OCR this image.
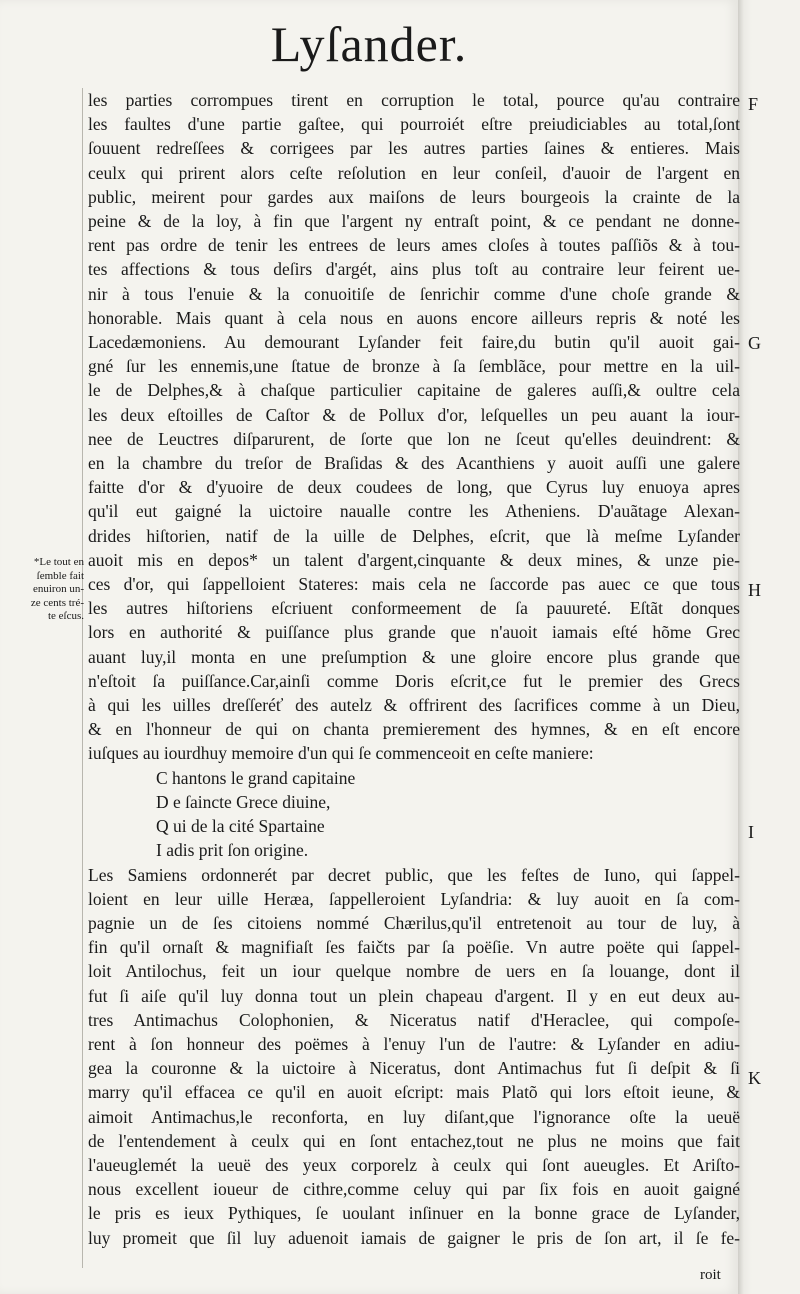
Lyſander.
*Le tout en
ſemble fait
enuiron un-
ze cents tré-
te eſcus.
les parties corrompues tirent en corruption le total, pource qu'au contraire
les faultes d'une partie gaſtee, qui pourroiét eſtre preiudiciables au total,ſont
ſouuent redreſſees & corrigees par les autres parties ſaines & entieres. Mais
ceulx qui prirent alors ceſte reſolution en leur conſeil, d'auoir de l'argent en
public, meirent pour gardes aux maiſons de leurs bourgeois la crainte de la
peine & de la loy, à fin que l'argent ny entraſt point, & ce pendant ne donne-
rent pas ordre de tenir les entrees de leurs ames cloſes à toutes paſſiõs & à tou-
tes affections & tous deſirs d'argét, ains plus toſt au contraire leur feirent ue-
nir à tous l'enuie & la conuoitiſe de ſenrichir comme d'une choſe grande &
honorable. Mais quant à cela nous en auons encore ailleurs repris & noté les
Lacedæmoniens. Au demourant Lyſander feit faire,du butin qu'il auoit gai-
gné ſur les ennemis,une ſtatue de bronze à ſa ſemblãce, pour mettre en la uil-
le de Delphes,& à chaſque particulier capitaine de galeres auſſi,& oultre cela
les deux eſtoilles de Caſtor & de Pollux d'or, leſquelles un peu auant la iour-
nee de Leuctres diſparurent, de ſorte que lon ne ſceut qu'elles deuindrent: &
en la chambre du treſor de Braſidas & des Acanthiens y auoit auſſi une galere
faitte d'or & d'yuoire de deux coudees de long, que Cyrus luy enuoya apres
qu'il eut gaigné la uictoire naualle contre les Atheniens. D'auãtage Alexan-
drides hiſtorien, natif de la uille de Delphes, eſcrit, que là meſme Lyſander
auoit mis en depos* un talent d'argent,cinquante & deux mines, & unze pie-
ces d'or, qui ſappelloient Stateres: mais cela ne ſaccorde pas auec ce que tous
les autres hiſtoriens eſcriuent conformeement de ſa pauureté. Eſtãt donques
lors en authorité & puiſſance plus grande que n'auoit iamais eſté hõme Grec
auant luy,il monta en une preſumption & une gloire encore plus grande que
n'eſtoit ſa puiſſance.Car,ainſi comme Doris eſcrit,ce fut le premier des Grecs
à qui les uilles dreſſeréť des autelz & offrirent des ſacrifices comme à un Dieu,
& en l'honneur de qui on chanta premierement des hymnes, & en eſt encore
iuſques au iourdhuy memoire d'un qui ſe commenceoit en ceſte maniere:
C hantons le grand capitaine
D e ſaincte Grece diuine,
Q ui de la cité Spartaine
I adis prit ſon origine.
Les Samiens ordonnerét par decret public, que les feſtes de Iuno, qui ſappel-
loient en leur uille Heræa, ſappelleroient Lyſandria: & luy auoit en ſa com-
pagnie un de ſes citoiens nommé Chærilus,qu'il entretenoit au tour de luy, à
fin qu'il ornaſt & magnifiaſt ſes faičts par ſa poëſie. Vn autre poëte qui ſappel-
loit Antilochus, feit un iour quelque nombre de uers en ſa louange, dont il
fut ſi aiſe qu'il luy donna tout un plein chapeau d'argent. Il y en eut deux au-
tres Antimachus Colophonien, & Niceratus natif d'Heraclee, qui compoſe-
rent à ſon honneur des poëmes à l'enuy l'un de l'autre: & Lyſander en adiu-
gea la couronne & la uictoire à Niceratus, dont Antimachus fut ſi deſpit & ſi
marry qu'il effacea ce qu'il en auoit eſcript: mais Platõ qui lors eſtoit ieune, &
aimoit Antimachus,le reconforta, en luy diſant,que l'ignorance oſte la ueuë
de l'entendement à ceulx qui en ſont entachez,tout ne plus ne moins que fait
l'aueuglemét la ueuë des yeux corporelz à ceulx qui ſont aueugles. Et Ariſto-
nous excellent ioueur de cithre,comme celuy qui par ſix fois en auoit gaigné
le pris es ieux Pythiques, ſe uoulant inſinuer en la bonne grace de Lyſander,
luy promeit que ſil luy aduenoit iamais de gaigner le pris de ſon art, il ſe fe-
F
G
H
I
K
roit
